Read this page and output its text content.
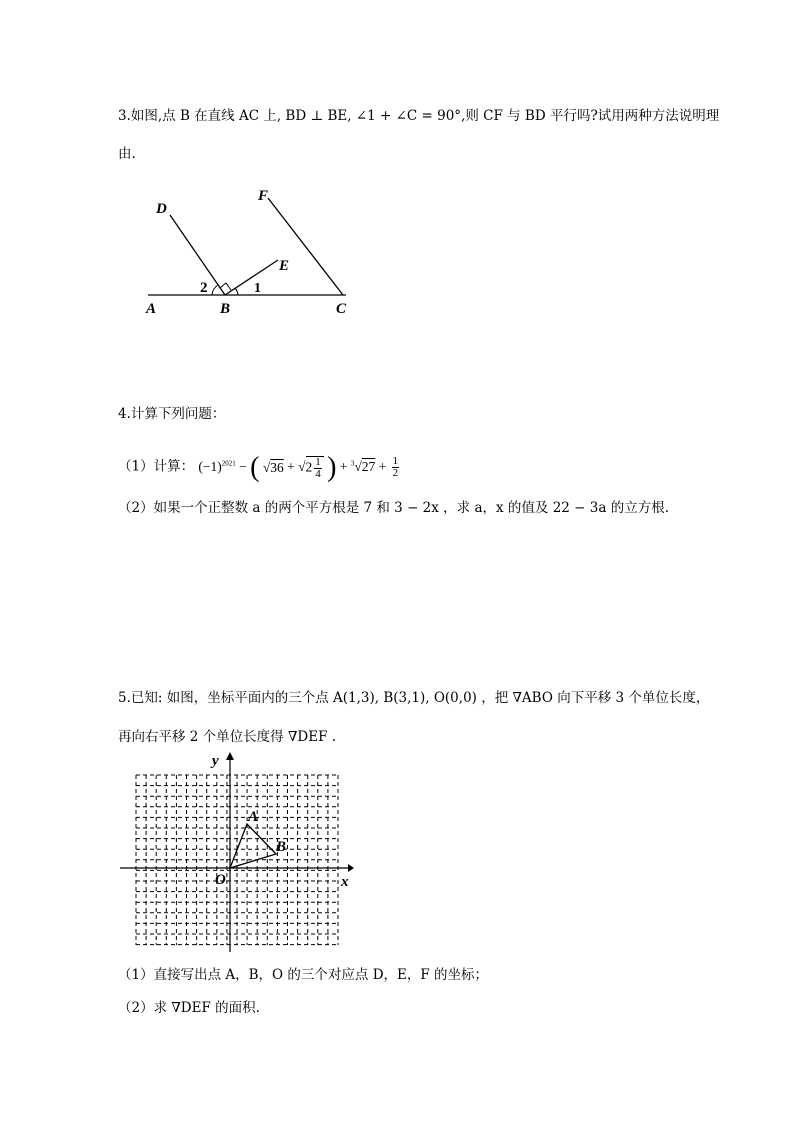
3.如图,点 B 在直线 AC 上, BD ⊥ BE, ∠1 + ∠C = 90°,则 CF 与 BD 平行吗?试用两种方法说明理
由.
D
F
E
A	B	C
2	1
4.计算下列问题：
（1）计算： $(-1)^{2021}$ − ( $√36 + √2 \frac{1}{4}$ ) + $^3√27 + \frac{1}{2}$
（2）如果一个正整数 a 的两个平方根是 7 和 3 − 2x ，求 a，x 的值及 22 − 3a 的立方根.
5.已知: 如图，坐标平面内的三个点 A(1,3), B(3,1), O(0,0) ，把 ∇ABO 向下平移 3 个单位长度，
再向右平移 2 个单位长度得 ∇DEF .
y
x
O
A
B
（1）直接写出点 A，B，O 的三个对应点 D，E，F 的坐标；
（2）求 ∇DEF 的面积.
